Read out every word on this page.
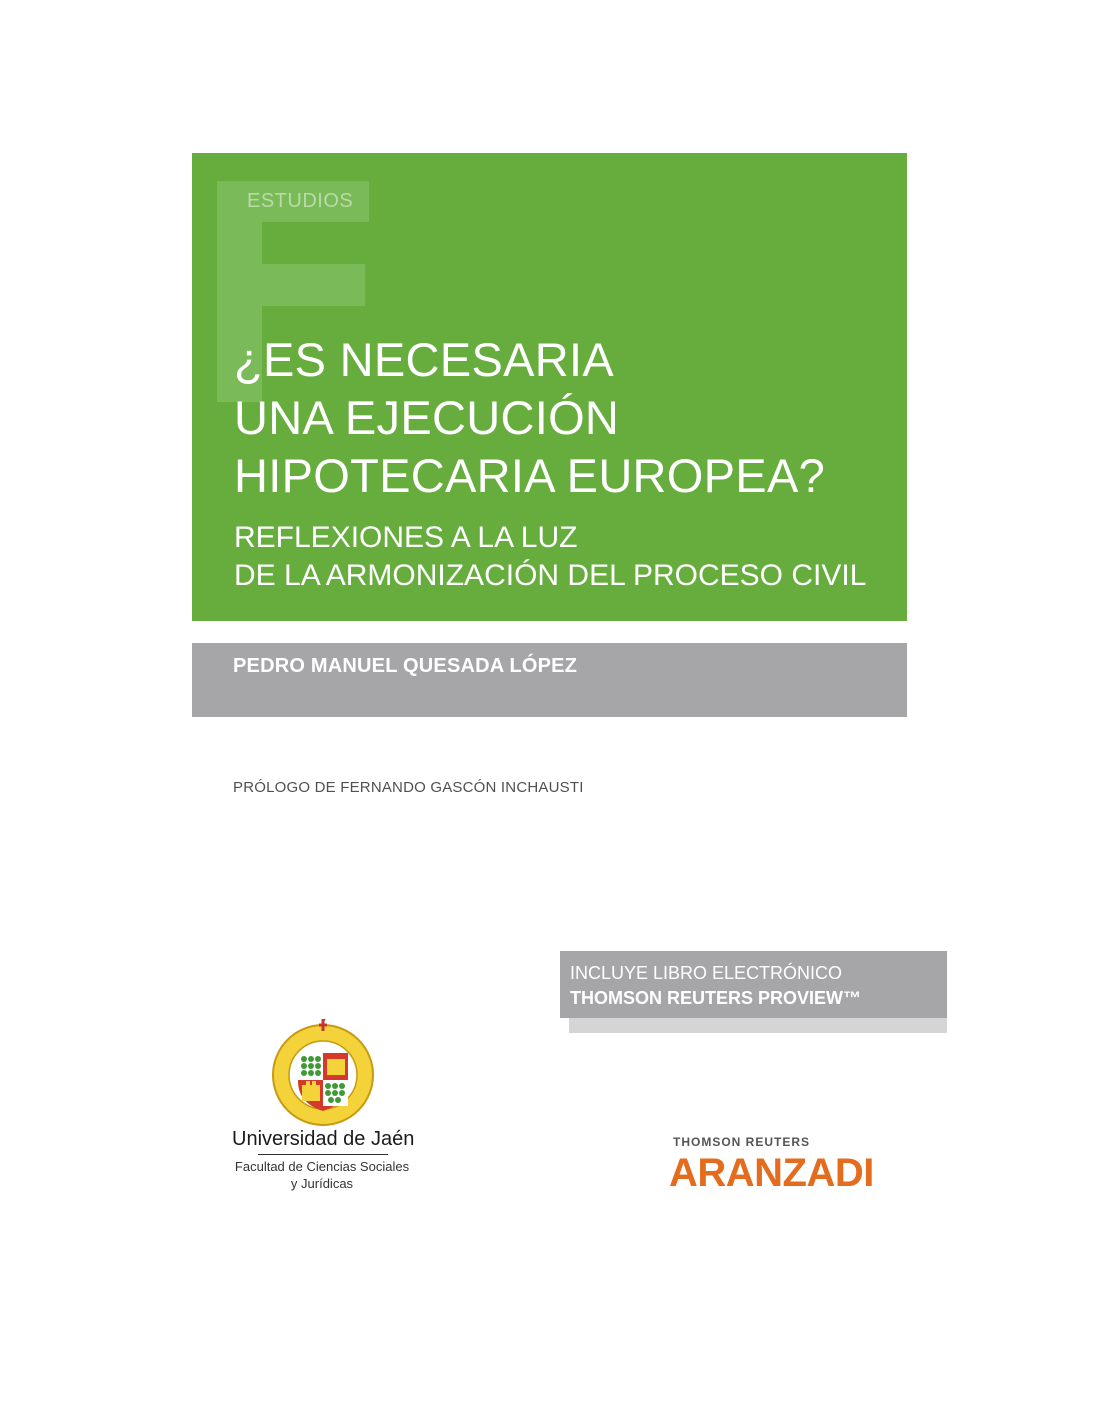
ESTUDIOS
¿ES NECESARIA
UNA EJECUCIÓN
HIPOTECARIA EUROPEA?
REFLEXIONES A LA LUZ
DE LA ARMONIZACIÓN DEL PROCESO CIVIL
PEDRO MANUEL QUESADA LÓPEZ
PRÓLOGO DE FERNANDO GASCÓN INCHAUSTI
INCLUYE LIBRO ELECTRÓNICO
THOMSON REUTERS PROVIEW™
Universidad de Jaén
Facultad de Ciencias Sociales
y Jurídicas
THOMSON REUTERS
ARANZADI
